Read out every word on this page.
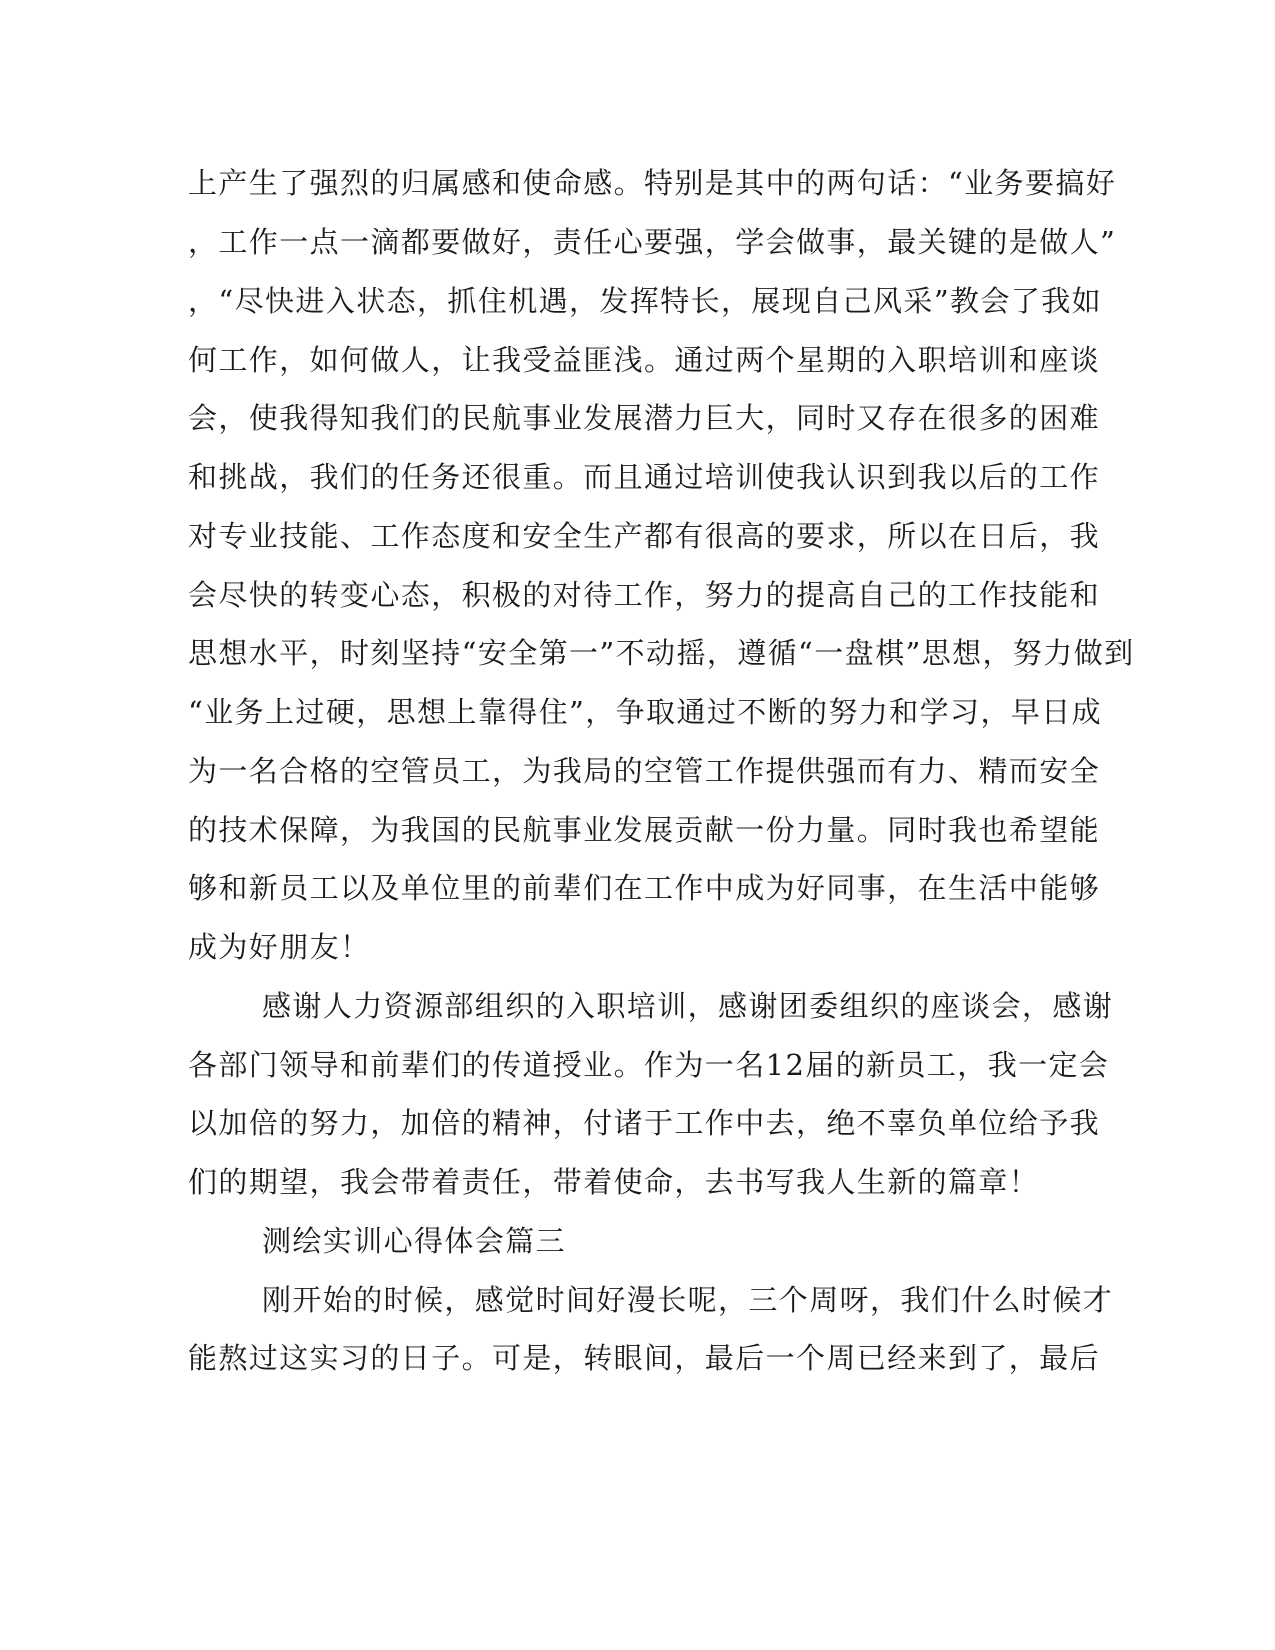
上产生了强烈的归属感和使命感。特别是其中的两句话：“业务要搞好
，工作一点一滴都要做好，责任心要强，学会做事，最关键的是做人”
，“尽快进入状态，抓住机遇，发挥特长，展现自己风采”教会了我如
何工作，如何做人，让我受益匪浅。通过两个星期的入职培训和座谈
会，使我得知我们的民航事业发展潜力巨大，同时又存在很多的困难
和挑战，我们的任务还很重。而且通过培训使我认识到我以后的工作
对专业技能、工作态度和安全生产都有很高的要求，所以在日后，我
会尽快的转变心态，积极的对待工作，努力的提高自己的工作技能和
思想水平，时刻坚持“安全第一”不动摇，遵循“一盘棋”思想，努力做到
“业务上过硬，思想上靠得住”，争取通过不断的努力和学习，早日成
为一名合格的空管员工，为我局的空管工作提供强而有力、精而安全
的技术保障，为我国的民航事业发展贡献一份力量。同时我也希望能
够和新员工以及单位里的前辈们在工作中成为好同事，在生活中能够
成为好朋友！
感谢人力资源部组织的入职培训，感谢团委组织的座谈会，感谢
各部门领导和前辈们的传道授业。作为一名12届的新员工，我一定会
以加倍的努力，加倍的精神，付诸于工作中去，绝不辜负单位给予我
们的期望，我会带着责任，带着使命，去书写我人生新的篇章！
测绘实训心得体会篇三
刚开始的时候，感觉时间好漫长呢，三个周呀，我们什么时候才
能熬过这实习的日子。可是，转眼间，最后一个周已经来到了，最后
